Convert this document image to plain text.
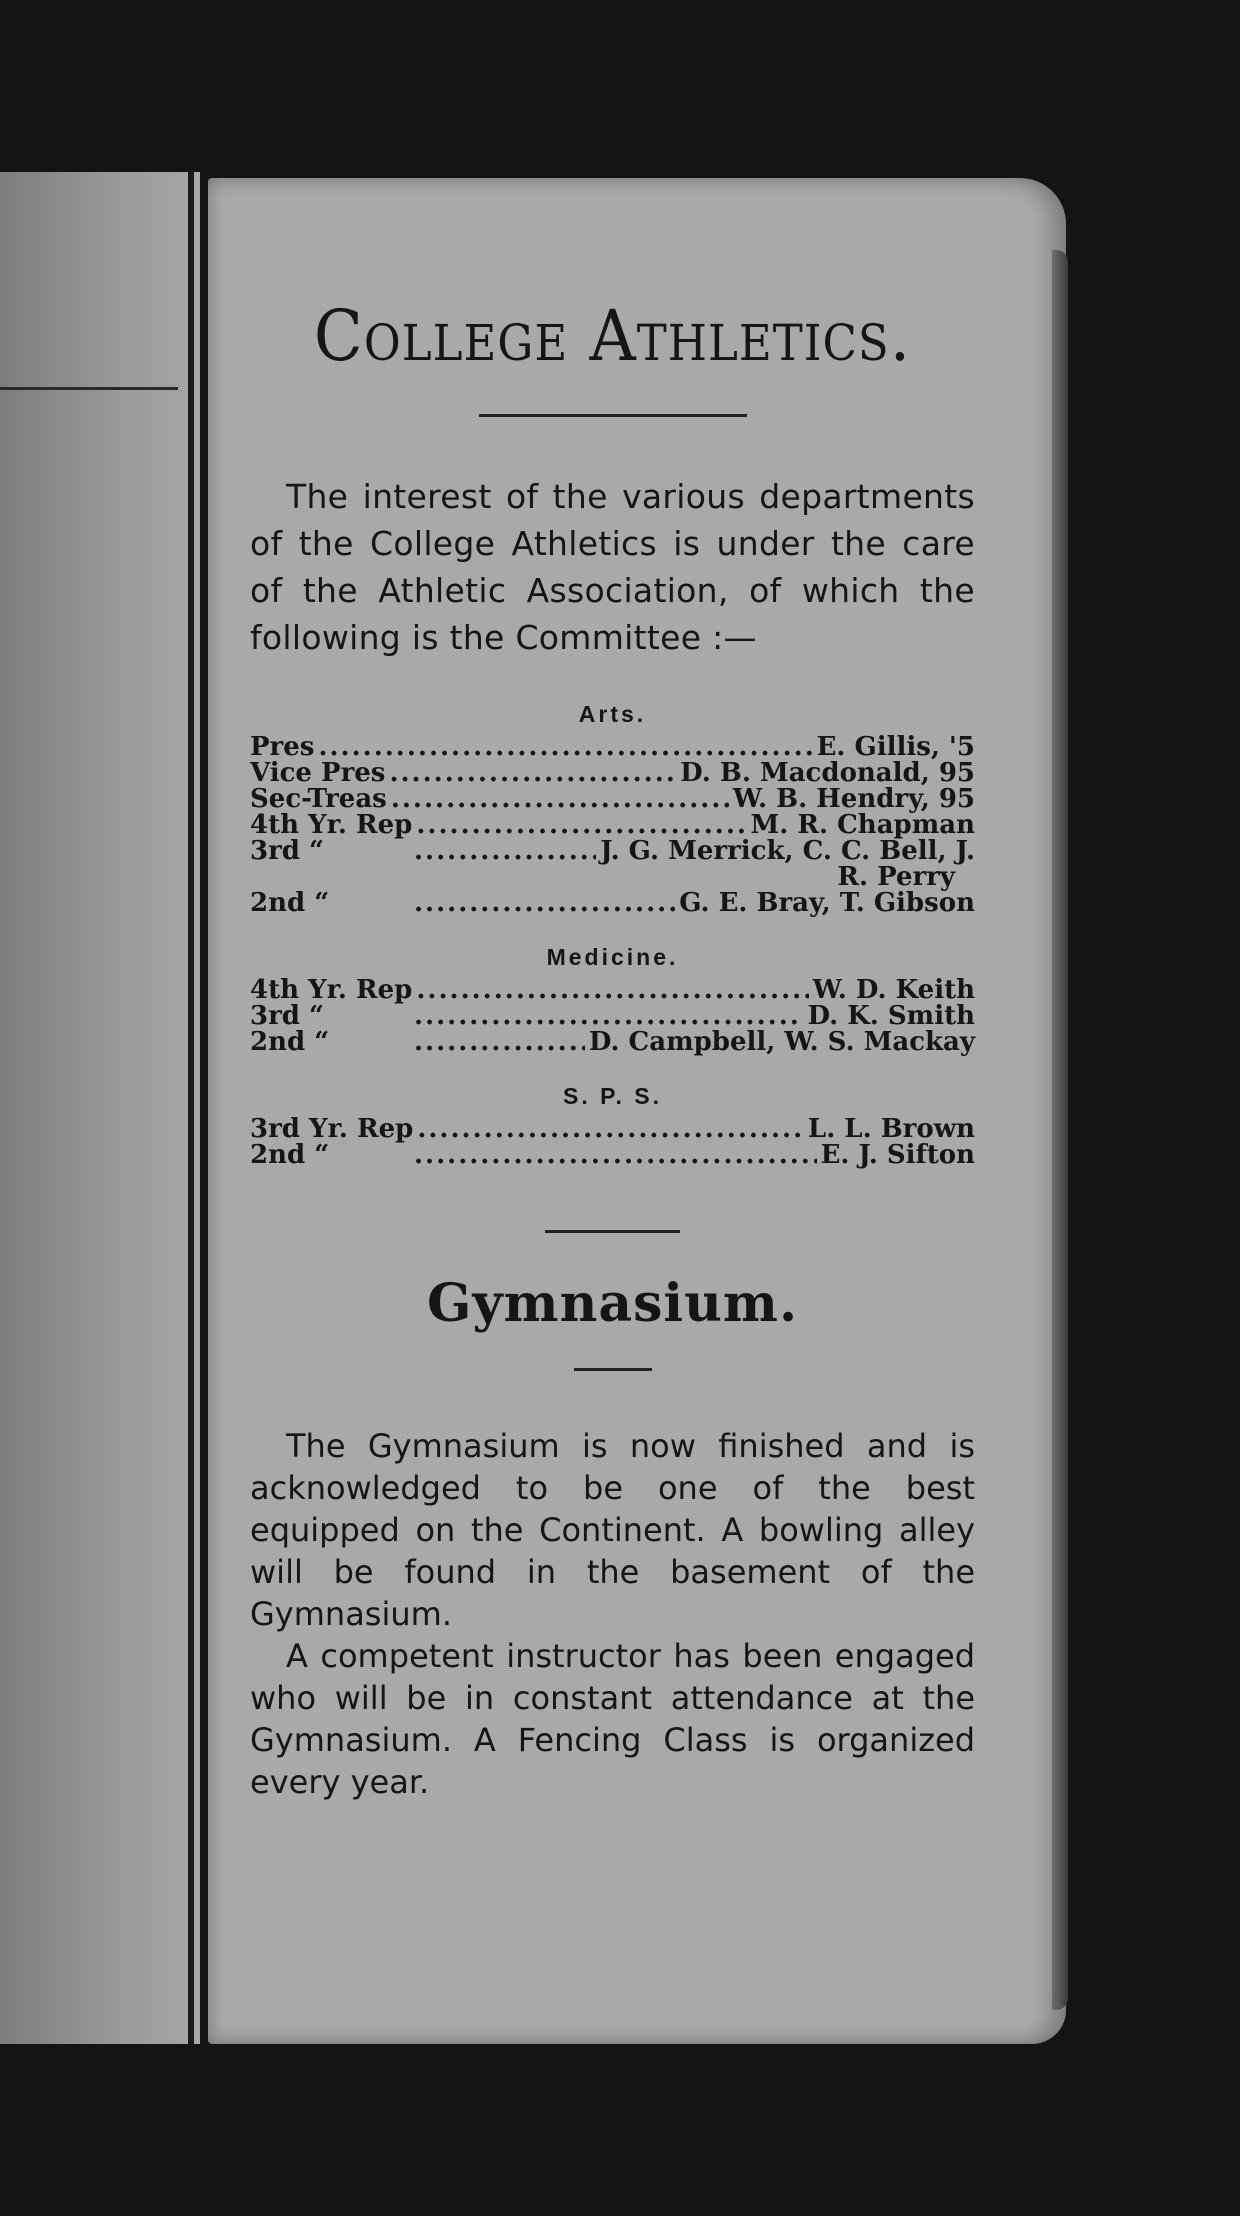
College Athletics.

The interest of the various departments of the College Athletics is under the care of the Athletic Association, of which the following is the Committee :—

Arts.
Pres .....	E. Gillis, '5
Vice Pres .....	D. B. Macdonald, 95
Sec-Treas .....	W. B. Hendry, 95
4th Yr. Rep .....	M. R. Chapman
3rd “ .....	J. G. Merrick, C. C. Bell, J.
R. Perry
2nd “ .....	G. E. Bray, T. Gibson
Medicine.
4th Yr. Rep .....	W. D. Keith
3rd “ .....	D. K. Smith
2nd “ .....	D. Campbell, W. S. Mackay
S. P. S.
3rd Yr. Rep .....	L. L. Brown
2nd “ .....	E. J. Sifton
Gymnasium.

The Gymnasium is now finished and is acknowledged to be one of the best equipped on the Continent. A bowling alley will be found in the basement of the Gymnasium.

A competent instructor has been engaged who will be in constant attendance at the Gymnasium. A Fencing Class is organized every year.
